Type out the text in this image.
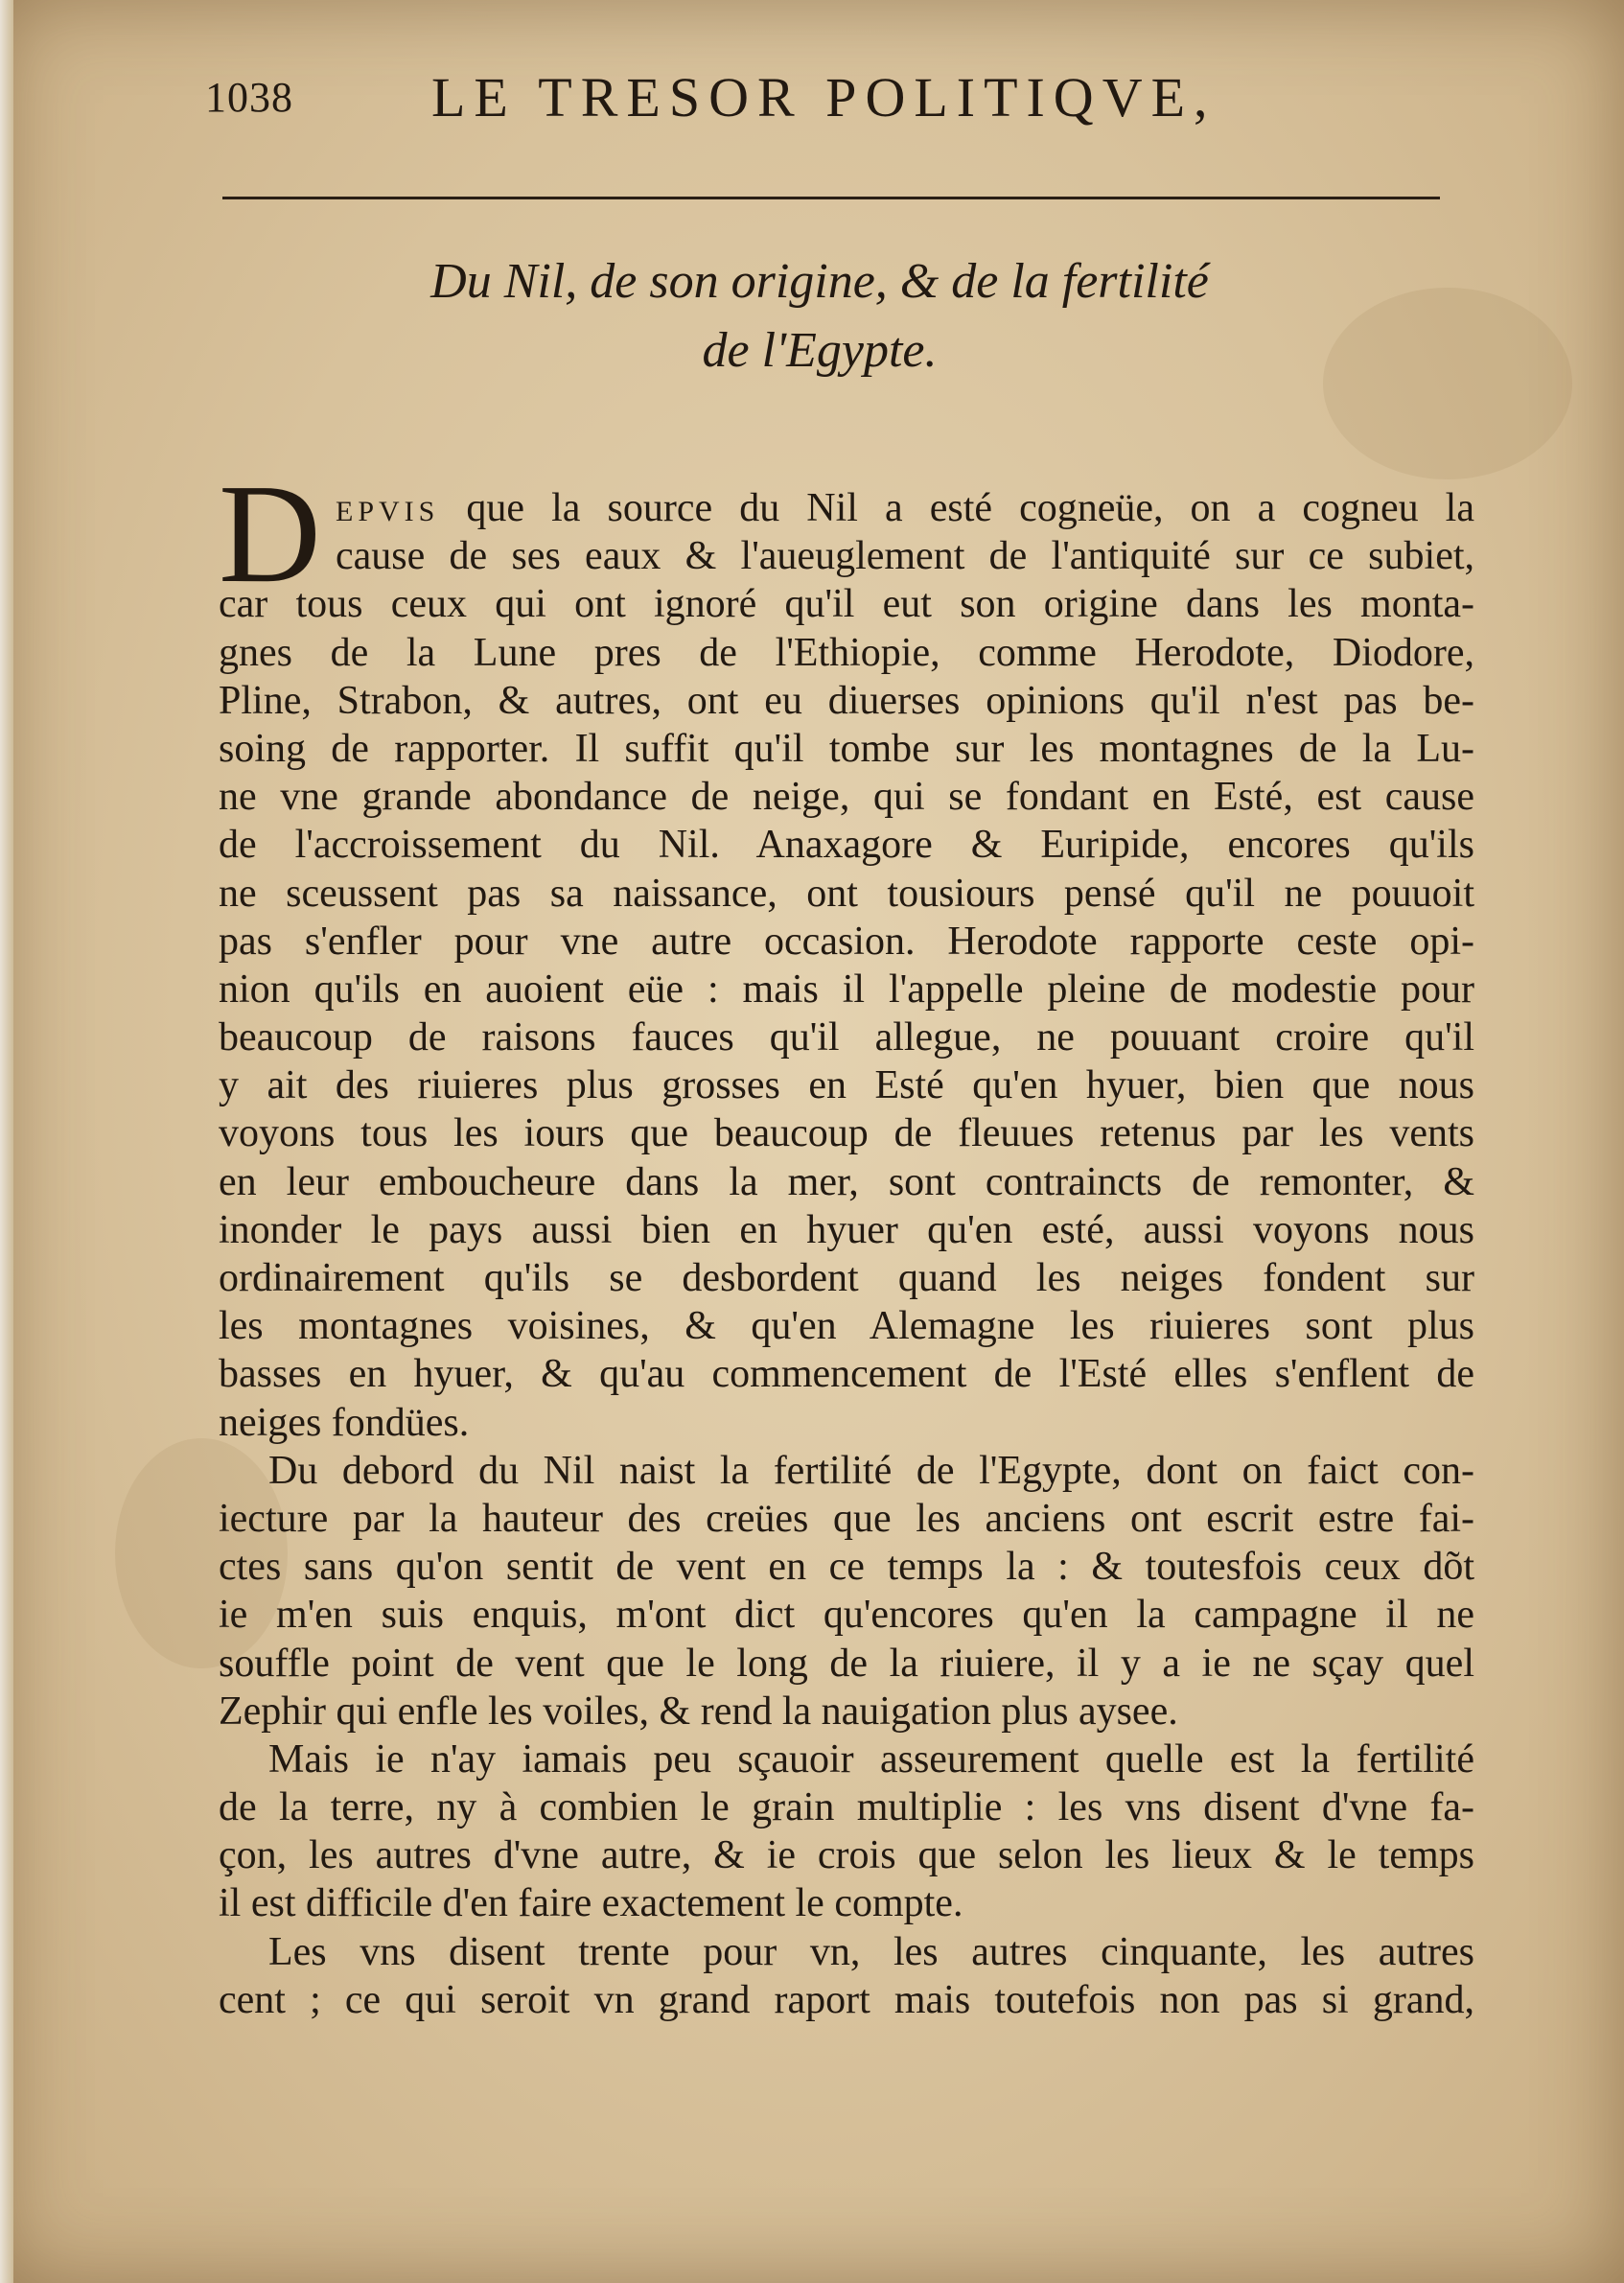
1038 LE TRESOR POLITIQVE,
Du Nil, de son origine, & de la fertilité
de l'Egypte.
D EPVIS que la source du Nil a esté cogneüe, on a cogneu la
cause de ses eaux & l'aueuglement de l'antiquité sur ce subiet,
car tous ceux qui ont ignoré qu'il eut son origine dans les monta-
gnes de la Lune pres de l'Ethiopie, comme Herodote, Diodore,
Pline, Strabon, & autres, ont eu diuerses opinions qu'il n'est pas be-
soing de rapporter. Il suffit qu'il tombe sur les montagnes de la Lu-
ne vne grande abondance de neige, qui se fondant en Esté, est cause
de l'accroissement du Nil. Anaxagore & Euripide, encores qu'ils
ne sceussent pas sa naissance, ont tousiours pensé qu'il ne pouuoit
pas s'enfler pour vne autre occasion. Herodote rapporte ceste opi-
nion qu'ils en auoient eüe : mais il l'appelle pleine de modestie pour
beaucoup de raisons fauces qu'il allegue, ne pouuant croire qu'il
y ait des riuieres plus grosses en Esté qu'en hyuer, bien que nous
voyons tous les iours que beaucoup de fleuues retenus par les vents
en leur emboucheure dans la mer, sont contraincts de remonter, &
inonder le pays aussi bien en hyuer qu'en esté, aussi voyons nous
ordinairement qu'ils se desbordent quand les neiges fondent sur
les montagnes voisines, & qu'en Alemagne les riuieres sont plus
basses en hyuer, & qu'au commencement de l'Esté elles s'enflent de
neiges fondües.
Du debord du Nil naist la fertilité de l'Egypte, dont on faict con-
iecture par la hauteur des creües que les anciens ont escrit estre fai-
ctes sans qu'on sentit de vent en ce temps la : & toutesfois ceux dõt
ie m'en suis enquis, m'ont dict qu'encores qu'en la campagne il ne
souffle point de vent que le long de la riuiere, il y a ie ne sçay quel
Zephir qui enfle les voiles, & rend la nauigation plus aysee.
Mais ie n'ay iamais peu sçauoir asseurement quelle est la fertilité
de la terre, ny à combien le grain multiplie : les vns disent d'vne fa-
çon, les autres d'vne autre, & ie crois que selon les lieux & le temps
il est difficile d'en faire exactement le compte.
Les vns disent trente pour vn, les autres cinquante, les autres
cent ; ce qui seroit vn grand raport mais toutefois non pas si grand,
